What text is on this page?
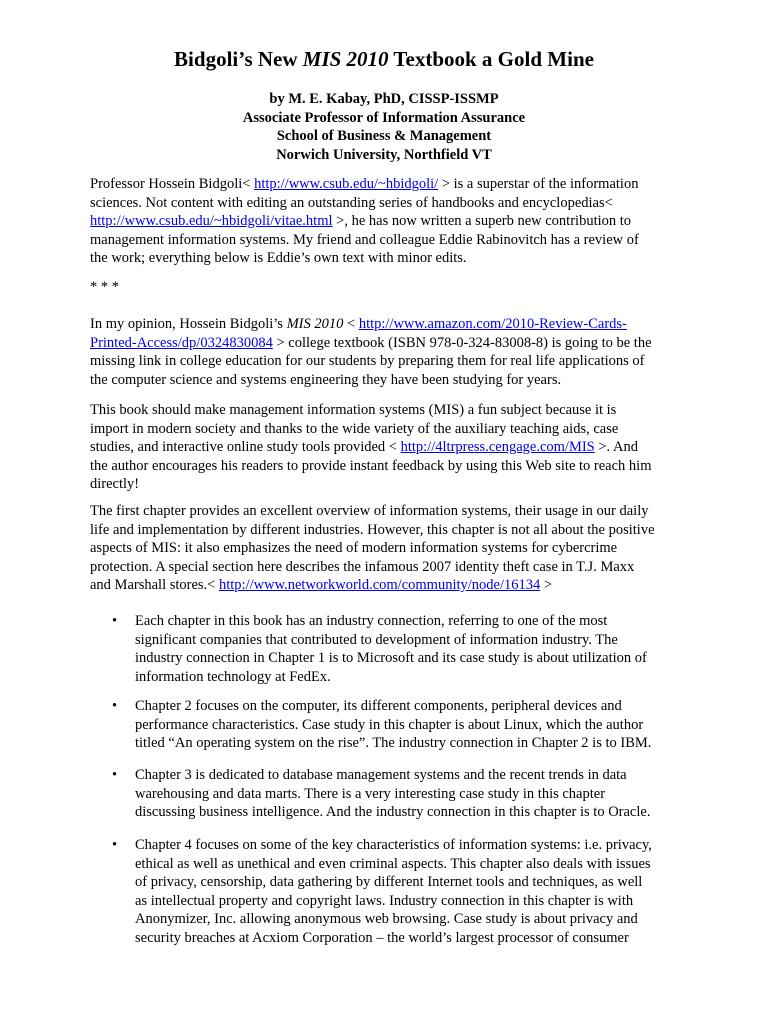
Bidgoli’s New MIS 2010 Textbook a Gold Mine
by M. E. Kabay, PhD, CISSP-ISSMP
Associate Professor of Information Assurance
School of Business & Management
Norwich University, Northfield VT
Professor Hossein Bidgoli< http://www.csub.edu/~hbidgoli/ > is a superstar of the information
sciences. Not content with editing an outstanding series of handbooks and encyclopedias<
http://www.csub.edu/~hbidgoli/vitae.html >, he has now written a superb new contribution to
management information systems. My friend and colleague Eddie Rabinovitch has a review of
the work; everything below is Eddie’s own text with minor edits.
* * *
In my opinion, Hossein Bidgoli’s MIS 2010 < http://www.amazon.com/2010-Review-Cards-
Printed-Access/dp/0324830084 > college textbook (ISBN 978-0-324-83008-8) is going to be the
missing link in college education for our students by preparing them for real life applications of
the computer science and systems engineering they have been studying for years.
This book should make management information systems (MIS) a fun subject because it is
import in modern society and thanks to the wide variety of the auxiliary teaching aids, case
studies, and interactive online study tools provided < http://4ltrpress.cengage.com/MIS >. And
the author encourages his readers to provide instant feedback by using this Web site to reach him
directly!
The first chapter provides an excellent overview of information systems, their usage in our daily
life and implementation by different industries. However, this chapter is not all about the positive
aspects of MIS: it also emphasizes the need of modern information systems for cybercrime
protection. A special section here describes the infamous 2007 identity theft case in T.J. Maxx
and Marshall stores.< http://www.networkworld.com/community/node/16134 >
• Each chapter in this book has an industry connection, referring to one of the most
significant companies that contributed to development of information industry. The
industry connection in Chapter 1 is to Microsoft and its case study is about utilization of
information technology at FedEx.
• Chapter 2 focuses on the computer, its different components, peripheral devices and
performance characteristics. Case study in this chapter is about Linux, which the author
titled “An operating system on the rise”. The industry connection in Chapter 2 is to IBM.
• Chapter 3 is dedicated to database management systems and the recent trends in data
warehousing and data marts. There is a very interesting case study in this chapter
discussing business intelligence. And the industry connection in this chapter is to Oracle.
• Chapter 4 focuses on some of the key characteristics of information systems: i.e. privacy,
ethical as well as unethical and even criminal aspects. This chapter also deals with issues
of privacy, censorship, data gathering by different Internet tools and techniques, as well
as intellectual property and copyright laws. Industry connection in this chapter is with
Anonymizer, Inc. allowing anonymous web browsing. Case study is about privacy and
security breaches at Acxiom Corporation – the world’s largest processor of consumer
